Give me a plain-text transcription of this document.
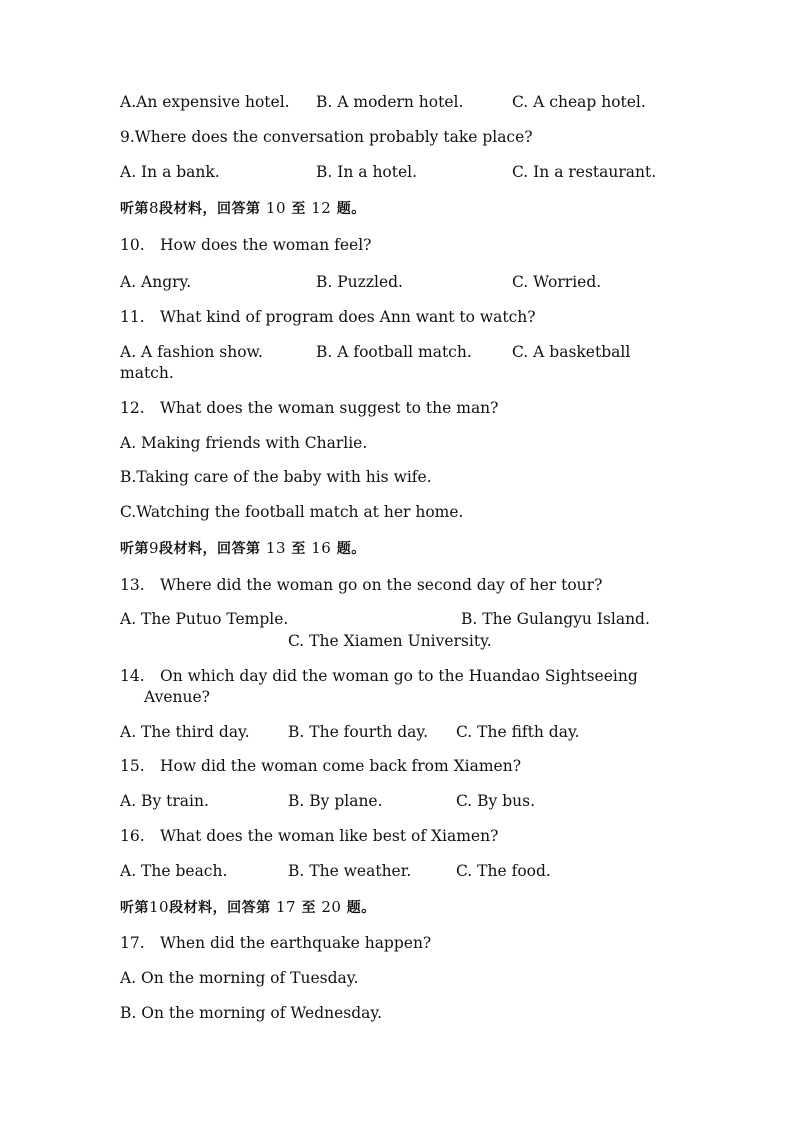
A.An expensive hotel. B. A modern hotel.	C. A cheap hotel.
9.Where does the conversation probably take place?
A. In a bank.	B. In a hotel.	C. In a restaurant.
听第8段材料，回答第 10 至 12 题。
10. How does the woman feel?
A. Angry.	B. Puzzled.	C. Worried.
11. What kind of program does Ann want to watch?
A. A fashion show.	B. A football match.	C. A basketball
match.
12. What does the woman suggest to the man?
A. Making friends with Charlie.
B.Taking care of the baby with his wife.
C.Watching the football match at her home.
听第9段材料，回答第 13 至 16 题。
13. Where did the woman go on the second day of her tour?
A. The Putuo Temple.	B. The Gulangyu Island.
C. The Xiamen University.
14. On which day did the woman go to the Huandao Sightseeing
Avenue?
A. The third day. B. The fourth day. C. The fifth day.
15. How did the woman come back from Xiamen?
A. By train.	B. By plane.	C. By bus.
16. What does the woman like best of Xiamen?
A. The beach.	B. The weather.	C. The food.
听第10段材料，回答第 17 至 20 题。
17. When did the earthquake happen?
A. On the morning of Tuesday.
B. On the morning of Wednesday.
